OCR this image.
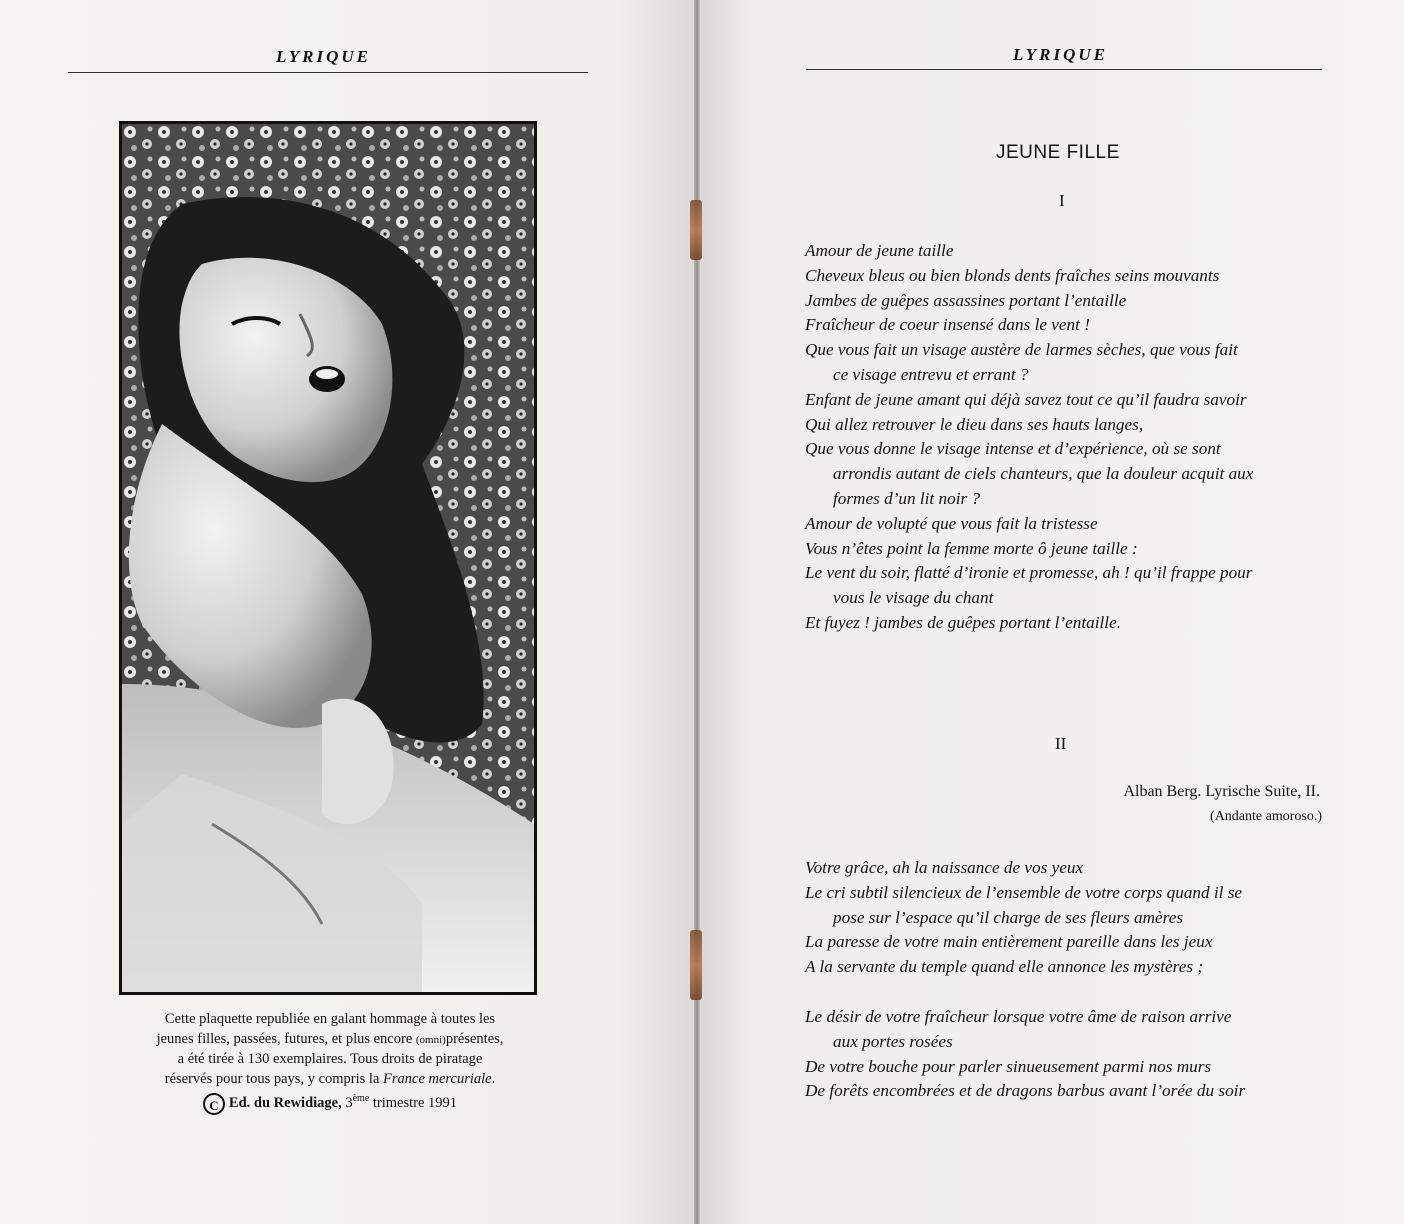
LYRIQUE
Cette plaquette republiée en galant hommage à toutes les
jeunes filles, passées, futures, et plus encore (omni)présentes,
a été tirée à 130 exemplaires. Tous droits de piratage
réservés pour tous pays, y compris la France mercuriale.
C Ed. du Rewidiage, 3ème trimestre 1991
LYRIQUE
JEUNE FILLE
I
Amour de jeune taille
Cheveux bleus ou bien blonds dents fraîches seins mouvants
Jambes de guêpes assassines portant l’entaille
Fraîcheur de coeur insensé dans le vent !
Que vous fait un visage austère de larmes sèches, que vous fait
ce visage entrevu et errant ?
Enfant de jeune amant qui déjà savez tout ce qu’il faudra savoir
Qui allez retrouver le dieu dans ses hauts langes,
Que vous donne le visage intense et d’expérience, où se sont
arrondis autant de ciels chanteurs, que la douleur acquit aux
formes d’un lit noir ?
Amour de volupté que vous fait la tristesse
Vous n’êtes point la femme morte ô jeune taille :
Le vent du soir, flatté d’ironie et promesse, ah ! qu’il frappe pour
vous le visage du chant
Et fuyez ! jambes de guêpes portant l’entaille.
II
Alban Berg. Lyrische Suite, II.
(Andante amoroso.)
Votre grâce, ah la naissance de vos yeux
Le cri subtil silencieux de l’ensemble de votre corps quand il se
pose sur l’espace qu’il charge de ses fleurs amères
La paresse de votre main entièrement pareille dans les jeux
A la servante du temple quand elle annonce les mystères ;
Le désir de votre fraîcheur lorsque votre âme de raison arrive
aux portes rosées
De votre bouche pour parler sinueusement parmi nos murs
De forêts encombrées et de dragons barbus avant l’orée du soir
